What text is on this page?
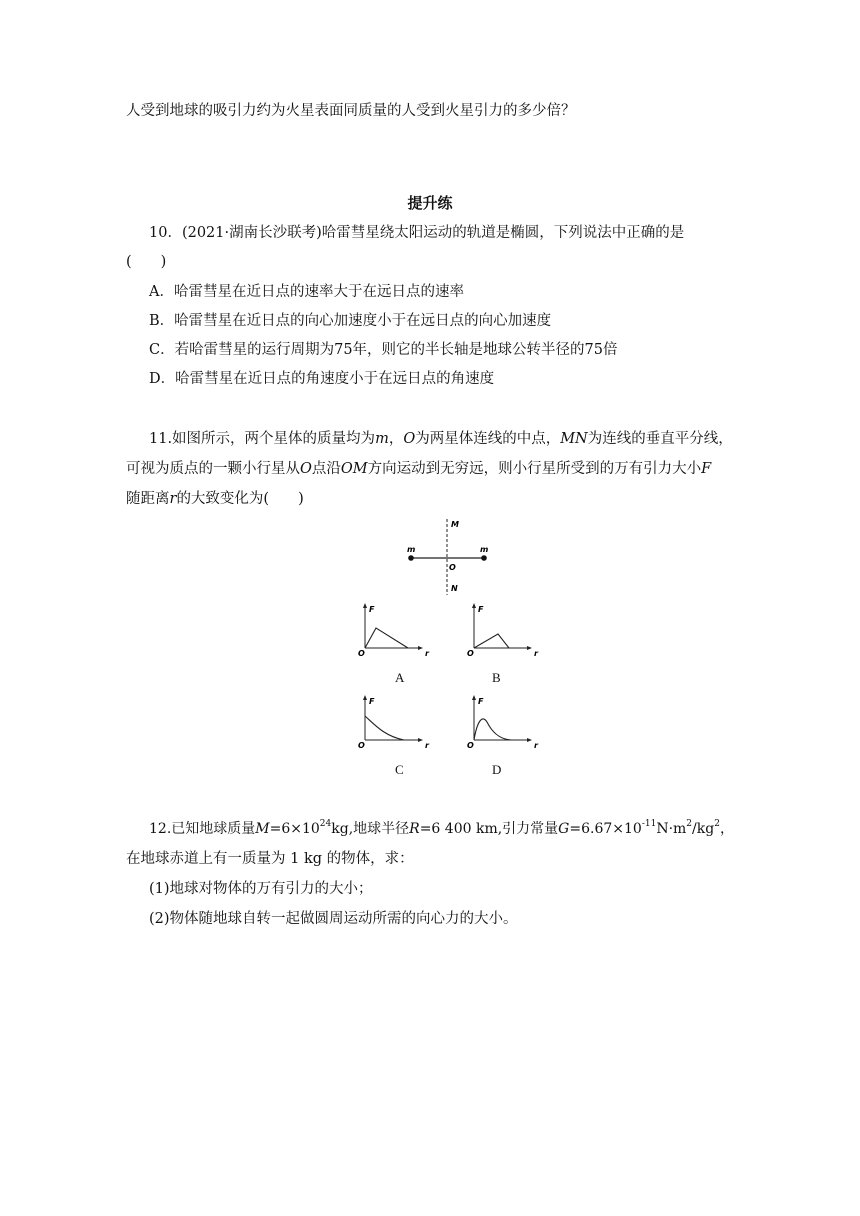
人受到地球的吸引力约为火星表面同质量的人受到火星引力的多少倍？
提升练
10．(2021·湖南长沙联考)哈雷彗星绕太阳运动的轨道是椭圆，下列说法中正确的是
(　　)
A．哈雷彗星在近日点的速率大于在远日点的速率
B．哈雷彗星在近日点的向心加速度小于在远日点的向心加速度
C．若哈雷彗星的运行周期为75年，则它的半长轴是地球公转半径的75倍
D．哈雷彗星在近日点的角速度小于在远日点的角速度
11.如图所示，两个星体的质量均为m，O为两星体连线的中点，MN为连线的垂直平分线，
可视为质点的一颗小行星从O点沿OM方向运动到无穷远，则小行星所受到的万有引力大小F
随距离r的大致变化为(　　)
M
N
O
m	m
F
O	r
A
F
O	r
B
F
O	r
C
F
O	r
D
12.已知地球质量$M=6\times 10^{24}kg$,地球半径R=6 400 km,引力常量$G=6.67\times 10^{-11}N\cdot m^2/kg^2$，
在地球赤道上有一质量为 1 kg 的物体，求：
(1)地球对物体的万有引力的大小；
(2)物体随地球自转一起做圆周运动所需的向心力的大小。
